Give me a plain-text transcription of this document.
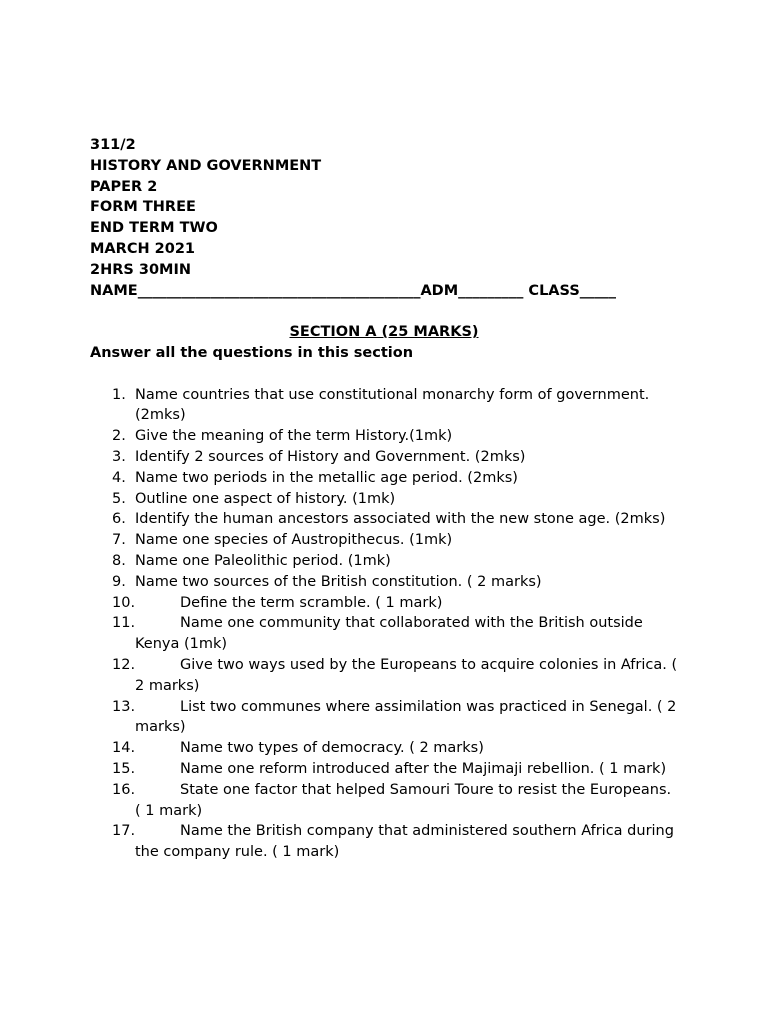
311/2
HISTORY AND GOVERNMENT
PAPER 2
FORM THREE
END TERM TWO
MARCH 2021
2HRS 30MIN
NAME_______________________________________ADM_________ CLASS_____
SECTION A (25 MARKS)
Answer all the questions in this section
1. Name countries that use constitutional monarchy form of government. (2mks)
2. Give the meaning of the term History.(1mk)
3. Identify 2 sources of History and Government. (2mks)
4. Name two periods in the metallic age period. (2mks)
5. Outline one aspect of history. (1mk)
6. Identify the human ancestors associated with the new stone age. (2mks)
7. Name one species of Austropithecus. (1mk)
8. Name one Paleolithic period. (1mk)
9. Name two sources of the British constitution. ( 2 marks)
10.	Define the term scramble. ( 1 mark)
11.	Name one community that collaborated with the British outside Kenya (1mk)
12.	Give two ways used by the Europeans to acquire colonies in Africa. ( 2 marks)
13.	List two communes where assimilation was practiced in Senegal. ( 2 marks)
14.	Name two types of democracy. ( 2 marks)
15.	Name one reform introduced after the Majimaji rebellion. ( 1 mark)
16.	State one factor that helped Samouri Toure to resist the Europeans. ( 1 mark)
17.	Name the British company that administered southern Africa during the company rule. ( 1 mark)
